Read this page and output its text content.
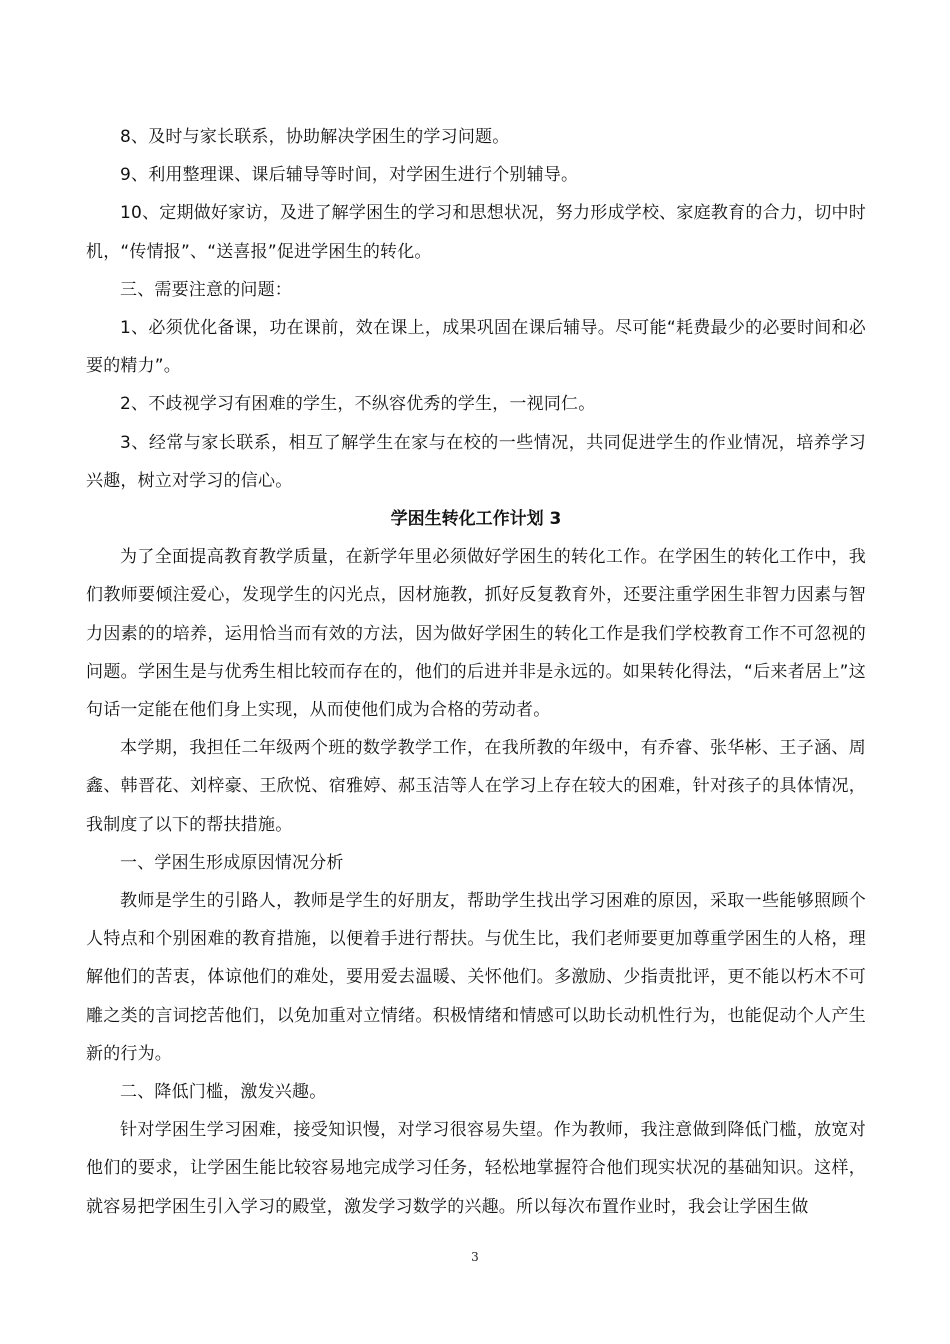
8、及时与家长联系，协助解决学困生的学习问题。

9、利用整理课、课后辅导等时间，对学困生进行个别辅导。

10、定期做好家访，及进了解学困生的学习和思想状况，努力形成学校、家庭教育的合力，切中时机，“传情报”、“送喜报”促进学困生的转化。

三、需要注意的问题：

1、必须优化备课，功在课前，效在课上，成果巩固在课后辅导。尽可能“耗费最少的必要时间和必要的精力”。

2、不歧视学习有困难的学生，不纵容优秀的学生，一视同仁。

3、经常与家长联系，相互了解学生在家与在校的一些情况，共同促进学生的作业情况，培养学习兴趣，树立对学习的信心。

学困生转化工作计划 3

为了全面提高教育教学质量，在新学年里必须做好学困生的转化工作。在学困生的转化工作中，我们教师要倾注爱心，发现学生的闪光点，因材施教，抓好反复教育外，还要注重学困生非智力因素与智力因素的的培养，运用恰当而有效的方法，因为做好学困生的转化工作是我们学校教育工作不可忽视的问题。学困生是与优秀生相比较而存在的，他们的后进并非是永远的。如果转化得法，“后来者居上”这句话一定能在他们身上实现，从而使他们成为合格的劳动者。

本学期，我担任二年级两个班的数学教学工作，在我所教的年级中，有乔睿、张华彬、王子涵、周鑫、韩晋花、刘梓豪、王欣悦、宿雅婷、郝玉洁等人在学习上存在较大的困难，针对孩子的具体情况，我制度了以下的帮扶措施。

一、学困生形成原因情况分析

教师是学生的引路人，教师是学生的好朋友，帮助学生找出学习困难的原因，采取一些能够照顾个人特点和个别困难的教育措施，以便着手进行帮扶。与优生比，我们老师要更加尊重学困生的人格，理解他们的苦衷，体谅他们的难处，要用爱去温暖、关怀他们。多激励、少指责批评，更不能以朽木不可雕之类的言词挖苦他们，以免加重对立情绪。积极情绪和情感可以助长动机性行为，也能促动个人产生新的行为。

二、降低门槛，激发兴趣。

针对学困生学习困难，接受知识慢，对学习很容易失望。作为教师，我注意做到降低门槛，放宽对他们的要求，让学困生能比较容易地完成学习任务，轻松地掌握符合他们现实状况的基础知识。这样，就容易把学困生引入学习的殿堂，激发学习数学的兴趣。所以每次布置作业时，我会让学困生做

3
